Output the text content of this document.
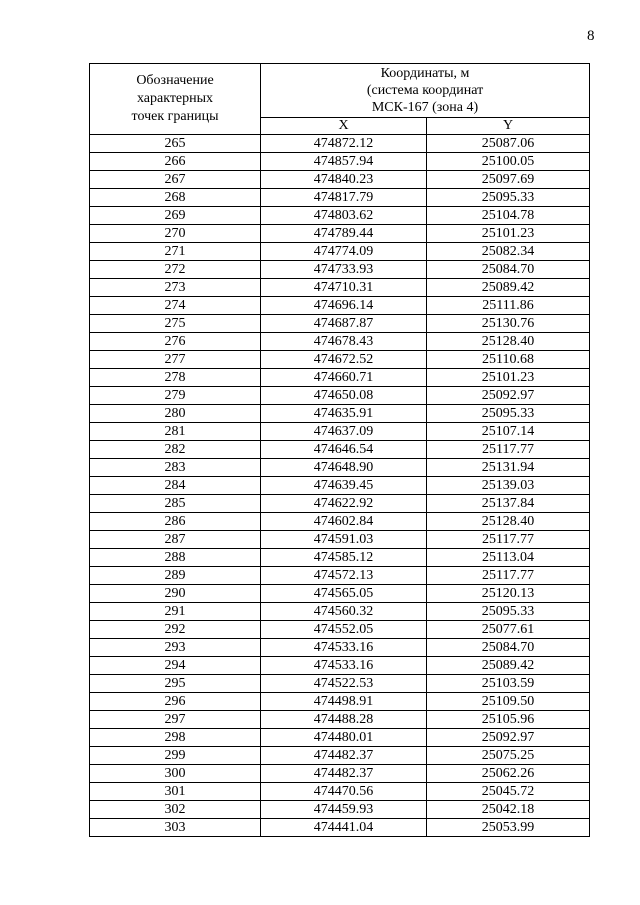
8
Обозначение
характерных
точек границы	Координаты, м
(система координат
МСК-167 (зона 4)	
	X	Y
265	474872.12	25087.06
266	474857.94	25100.05
267	474840.23	25097.69
268	474817.79	25095.33
269	474803.62	25104.78
270	474789.44	25101.23
271	474774.09	25082.34
272	474733.93	25084.70
273	474710.31	25089.42
274	474696.14	25111.86
275	474687.87	25130.76
276	474678.43	25128.40
277	474672.52	25110.68
278	474660.71	25101.23
279	474650.08	25092.97
280	474635.91	25095.33
281	474637.09	25107.14
282	474646.54	25117.77
283	474648.90	25131.94
284	474639.45	25139.03
285	474622.92	25137.84
286	474602.84	25128.40
287	474591.03	25117.77
288	474585.12	25113.04
289	474572.13	25117.77
290	474565.05	25120.13
291	474560.32	25095.33
292	474552.05	25077.61
293	474533.16	25084.70
294	474533.16	25089.42
295	474522.53	25103.59
296	474498.91	25109.50
297	474488.28	25105.96
298	474480.01	25092.97
299	474482.37	25075.25
300	474482.37	25062.26
301	474470.56	25045.72
302	474459.93	25042.18
303	474441.04	25053.99
